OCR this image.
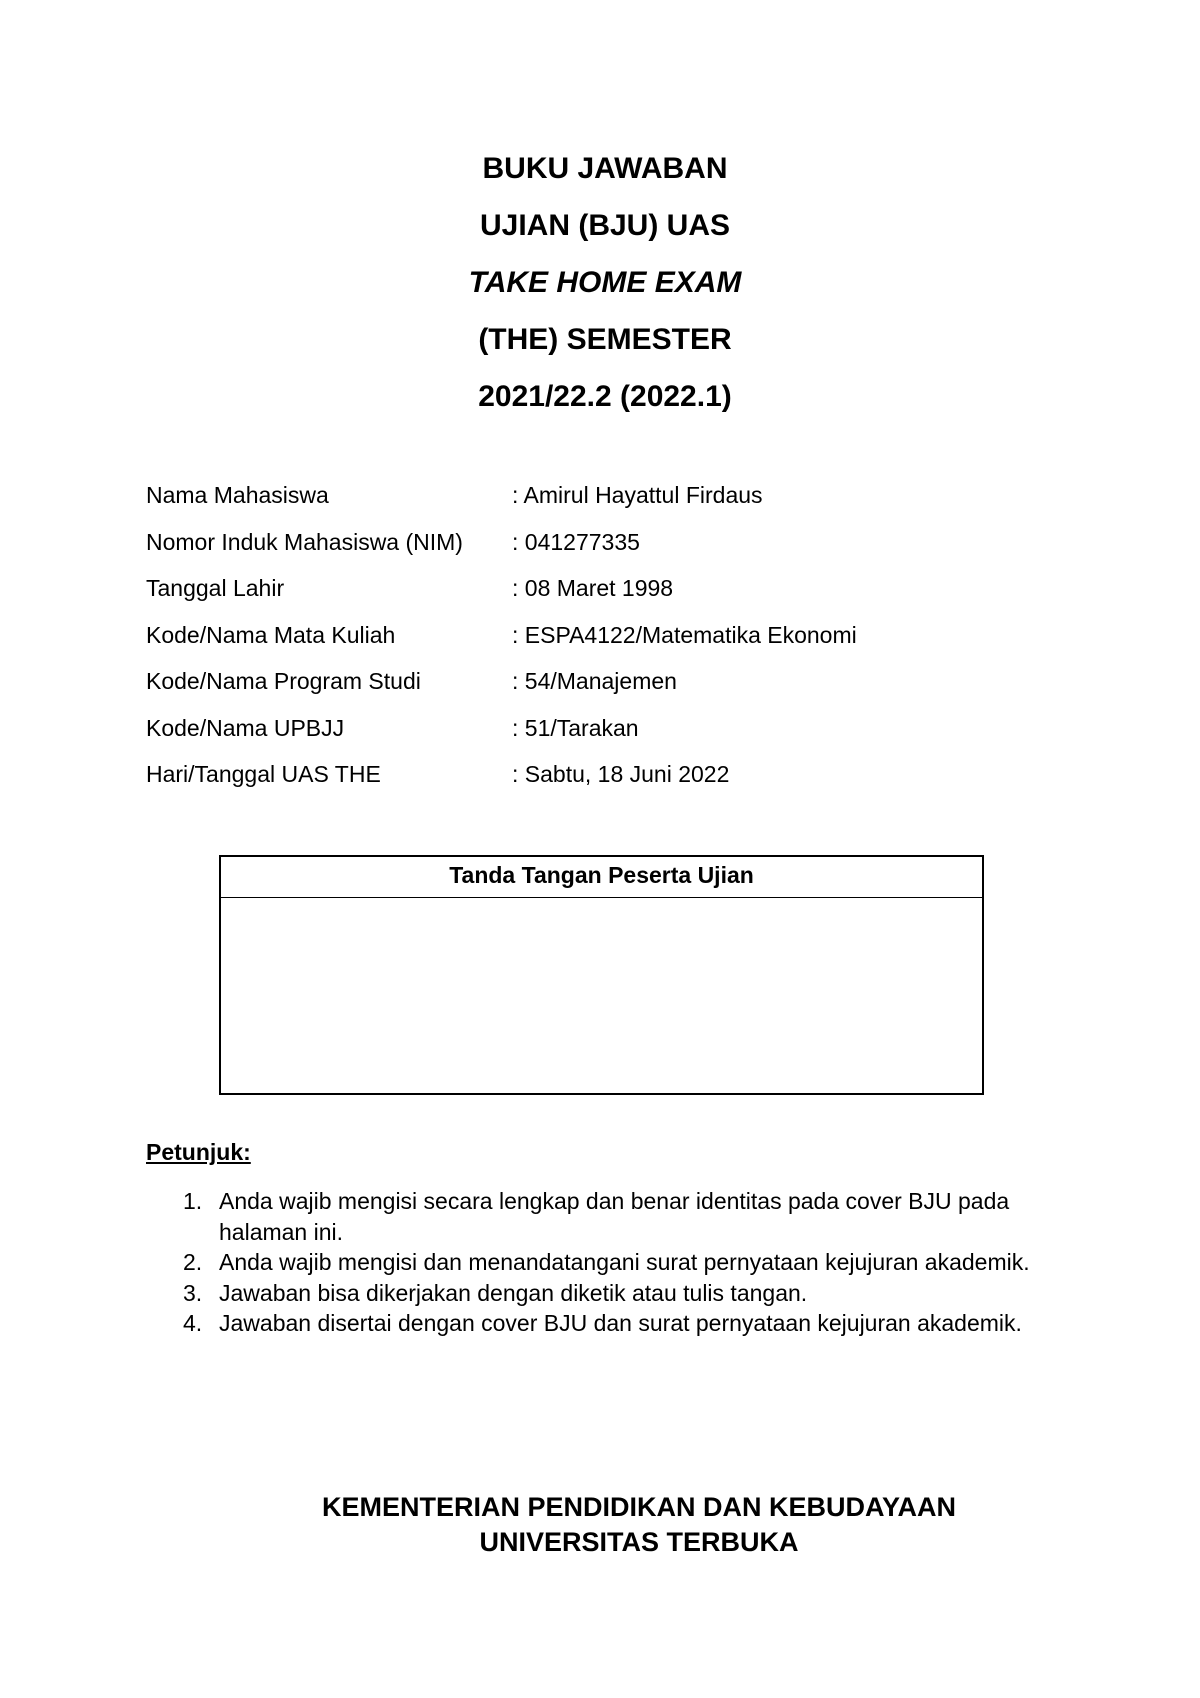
BUKU JAWABAN
UJIAN (BJU) UAS
TAKE HOME EXAM
(THE) SEMESTER
2021/22.2 (2022.1)
Nama Mahasiswa	: Amirul Hayattul Firdaus
Nomor Induk Mahasiswa (NIM) : 041277335
Tanggal Lahir	: 08 Maret 1998
Kode/Nama Mata Kuliah	: ESPA4122/Matematika Ekonomi
Kode/Nama Program Studi	: 54/Manajemen
Kode/Nama UPBJJ	: 51/Tarakan
Hari/Tanggal UAS THE	: Sabtu, 18 Juni 2022
Tanda Tangan Peserta Ujian
Petunjuk:
1. Anda wajib mengisi secara lengkap dan benar identitas pada cover BJU pada halaman ini.
2. Anda wajib mengisi dan menandatangani surat pernyataan kejujuran akademik.
3. Jawaban bisa dikerjakan dengan diketik atau tulis tangan.
4. Jawaban disertai dengan cover BJU dan surat pernyataan kejujuran akademik.
KEMENTERIAN PENDIDIKAN DAN KEBUDAYAAN
UNIVERSITAS TERBUKA
